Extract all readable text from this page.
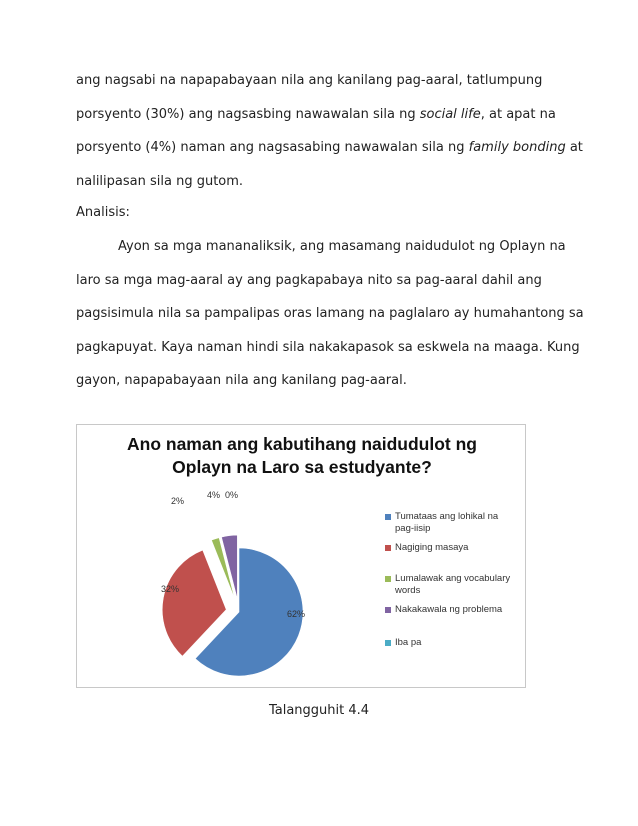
ang nagsabi na napapabayaan nila ang kanilang pag-aaral, tatlumpung
porsyento (30%) ang nagsasbing nawawalan sila ng social life, at apat na
porsyento (4%) naman ang nagsasabing nawawalan sila ng family bonding at
nalilipasan sila ng gutom.

Analisis:

Ayon sa mga mananaliksik, ang masamang naidudulot ng Oplayn na
laro sa mga mag-aaral ay ang pagkapabaya nito sa pag-aaral dahil ang
pagsisimula nila sa pampalipas oras lamang na paglalaro ay humahantong sa
pagkapuyat. Kaya naman hindi sila nakakapasok sa eskwela na maaga. Kung
gayon, napapabayaan nila ang kanilang pag-aaral.

Ano naman ang kabutihang naidudulot ng
Oplayn na Laro sa estudyante?
62%
32%
2%
4% 0%
Tumataas ang lohikal na pag-iisip
Nagiging masaya
Lumalawak ang vocabulary words
Nakakawala ng problema
Iba pa

Talangguhit 4.4
